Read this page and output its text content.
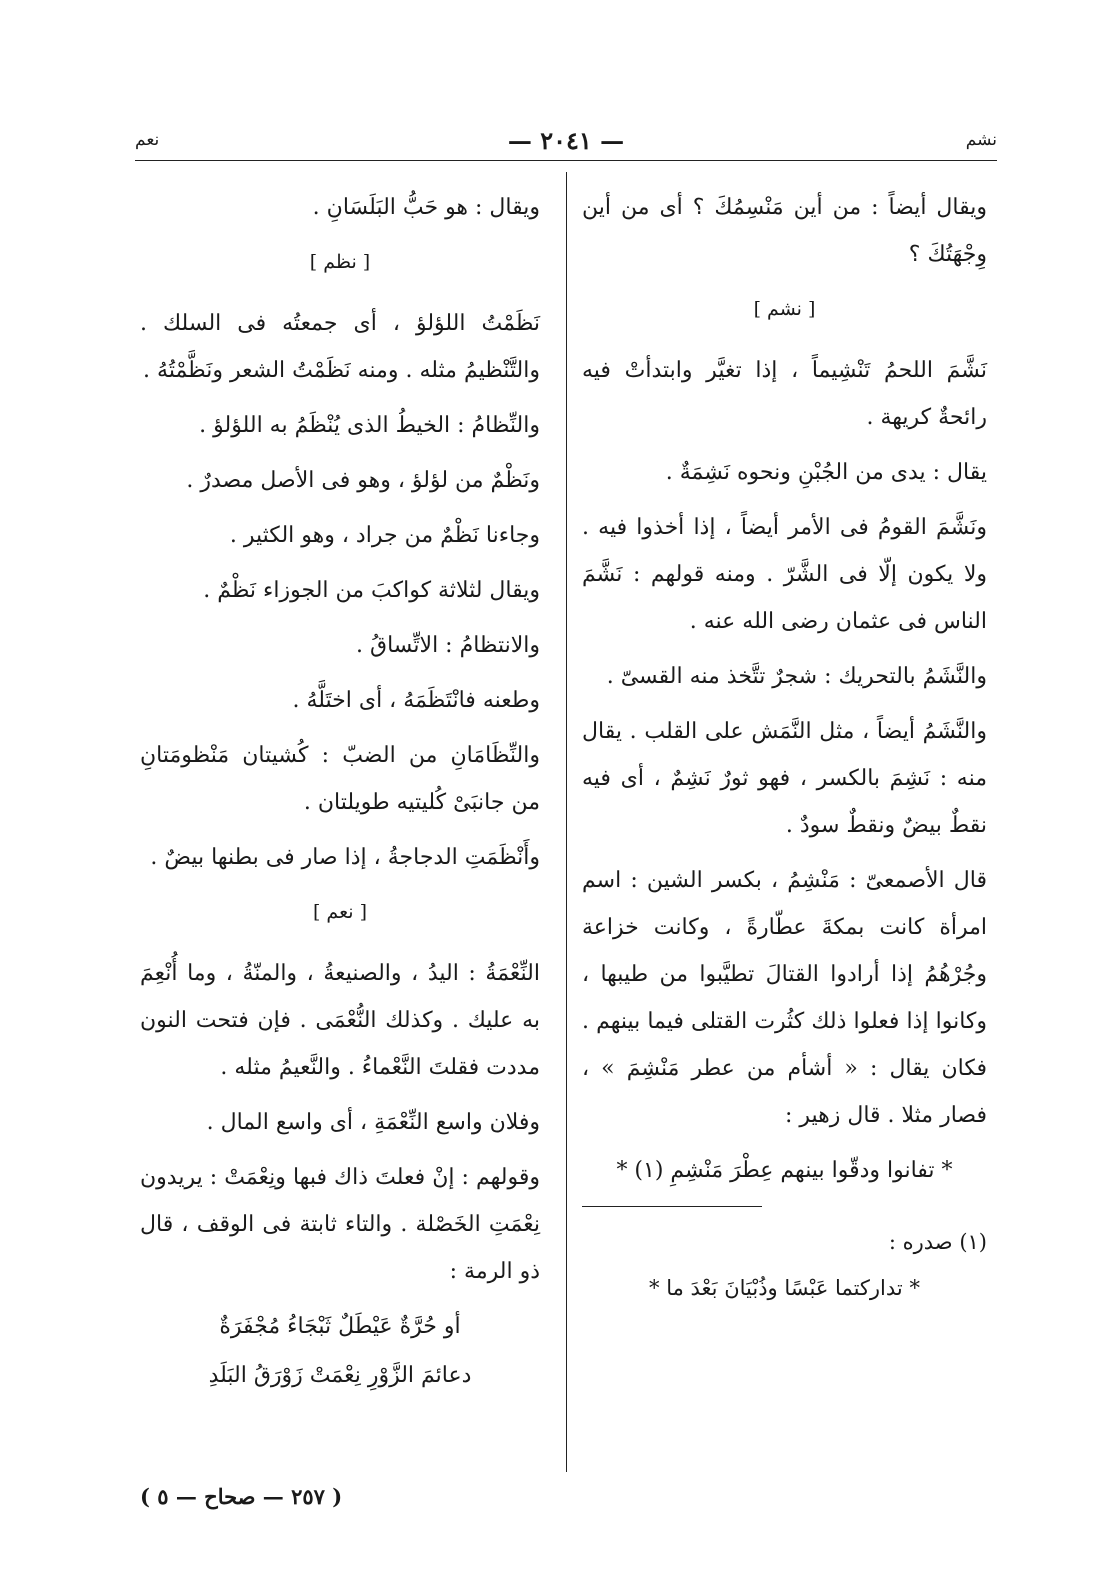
نعم	— ٢٠٤١ —	نشم

ويقال أيضاً : من أين مَنْسِمُكَ ؟ أى من أين وِجْهَتُكَ ؟

[ نشم ]

نَشَّمَ اللحمُ تَنْشِيماً ، إذا تغيَّر وابتدأتْ فيه رائحةٌ كريهة .

يقال : يدى من الجُبْنِ ونحوه نَشِمَةٌ .

ونَشَّمَ القومُ فى الأمر أيضاً ، إذا أخذوا فيه . ولا يكون إلّا فى الشَّرّ . ومنه قولهم : نَشَّمَ الناس فى عثمان رضى الله عنه .

والنَّشَمُ بالتحريك : شجرٌ تتَّخذ منه القسىّ .

والنَّشَمُ أيضاً ، مثل النَّمَش على القلب . يقال منه : نَشِمَ بالكسر ، فهو ثورٌ نَشِمٌ ، أى فيه نقطٌ بيضٌ ونقطٌ سودٌ .

قال الأصمعىّ : مَنْشِمُ ، بكسر الشين : اسم امرأة كانت بمكةَ عطّارةً ، وكانت خزاعة وجُرْهُمُ إذا أرادوا القتالَ تطيَّبوا من طيبها ، وكانوا إذا فعلوا ذلك كثُرت القتلى فيما بينهم . فكان يقال : « أشأم من عطر مَنْشِمَ » ، فصار مثلا . قال زهير :

* تفانوا ودقّوا بينهم عِطْرَ مَنْشِمِ (١) *

(١) صدره :

* تداركتما عَبْسًا وذُبْيَانَ بَعْدَ ما *

ويقال : هو حَبُّ البَلَسَانِ .

[ نظم ]

نَظَمْتُ اللؤلؤ ، أى جمعتُه فى السلك . والتَّنْظيمُ مثله . ومنه نَظَمْتُ الشعر ونَظَّمْتُهُ .

والنِّظامُ : الخيطُ الذى يُنْظَمُ به اللؤلؤ .

ونَظْمٌ من لؤلؤ ، وهو فى الأصل مصدرٌ .

وجاءنا نَظْمٌ من جراد ، وهو الكثير .

ويقال لثلاثة كواكبَ من الجوزاء نَظْمٌ .

والانتظامُ : الاتِّساقُ .

وطعنه فانْتَظَمَهُ ، أى اختَلَّهُ .

والنِّظَامَانِ من الضبّ : كُشيتان مَنْظومَتانِ من جانبَىْ كُليتيه طويلتان .

وأَنْظَمَتِ الدجاجةُ ، إذا صار فى بطنها بيضٌ .

[ نعم ]

النِّعْمَةُ : اليدُ ، والصنيعةُ ، والمنّةُ ، وما أُنْعِمَ به عليك . وكذلك النُّعْمَى . فإن فتحت النون مددت فقلتَ النَّعْماءُ . والنَّعيمُ مثله .

وفلان واسع النِّعْمَةِ ، أى واسع المال .

وقولهم : إنْ فعلتَ ذاك فبها ونِعْمَتْ : يريدون نِعْمَتِ الخَصْلة . والتاء ثابتة فى الوقف ، قال ذو الرمة :

أو حُرَّةٌ عَيْطَلٌ ثَبْجَاءُ مُجْفَرَةٌ

دعائمَ الزَّوْرِ نِعْمَتْ زَوْرَقُ البَلَدِ

( ٢٥٧ — صحاح — ٥ )
